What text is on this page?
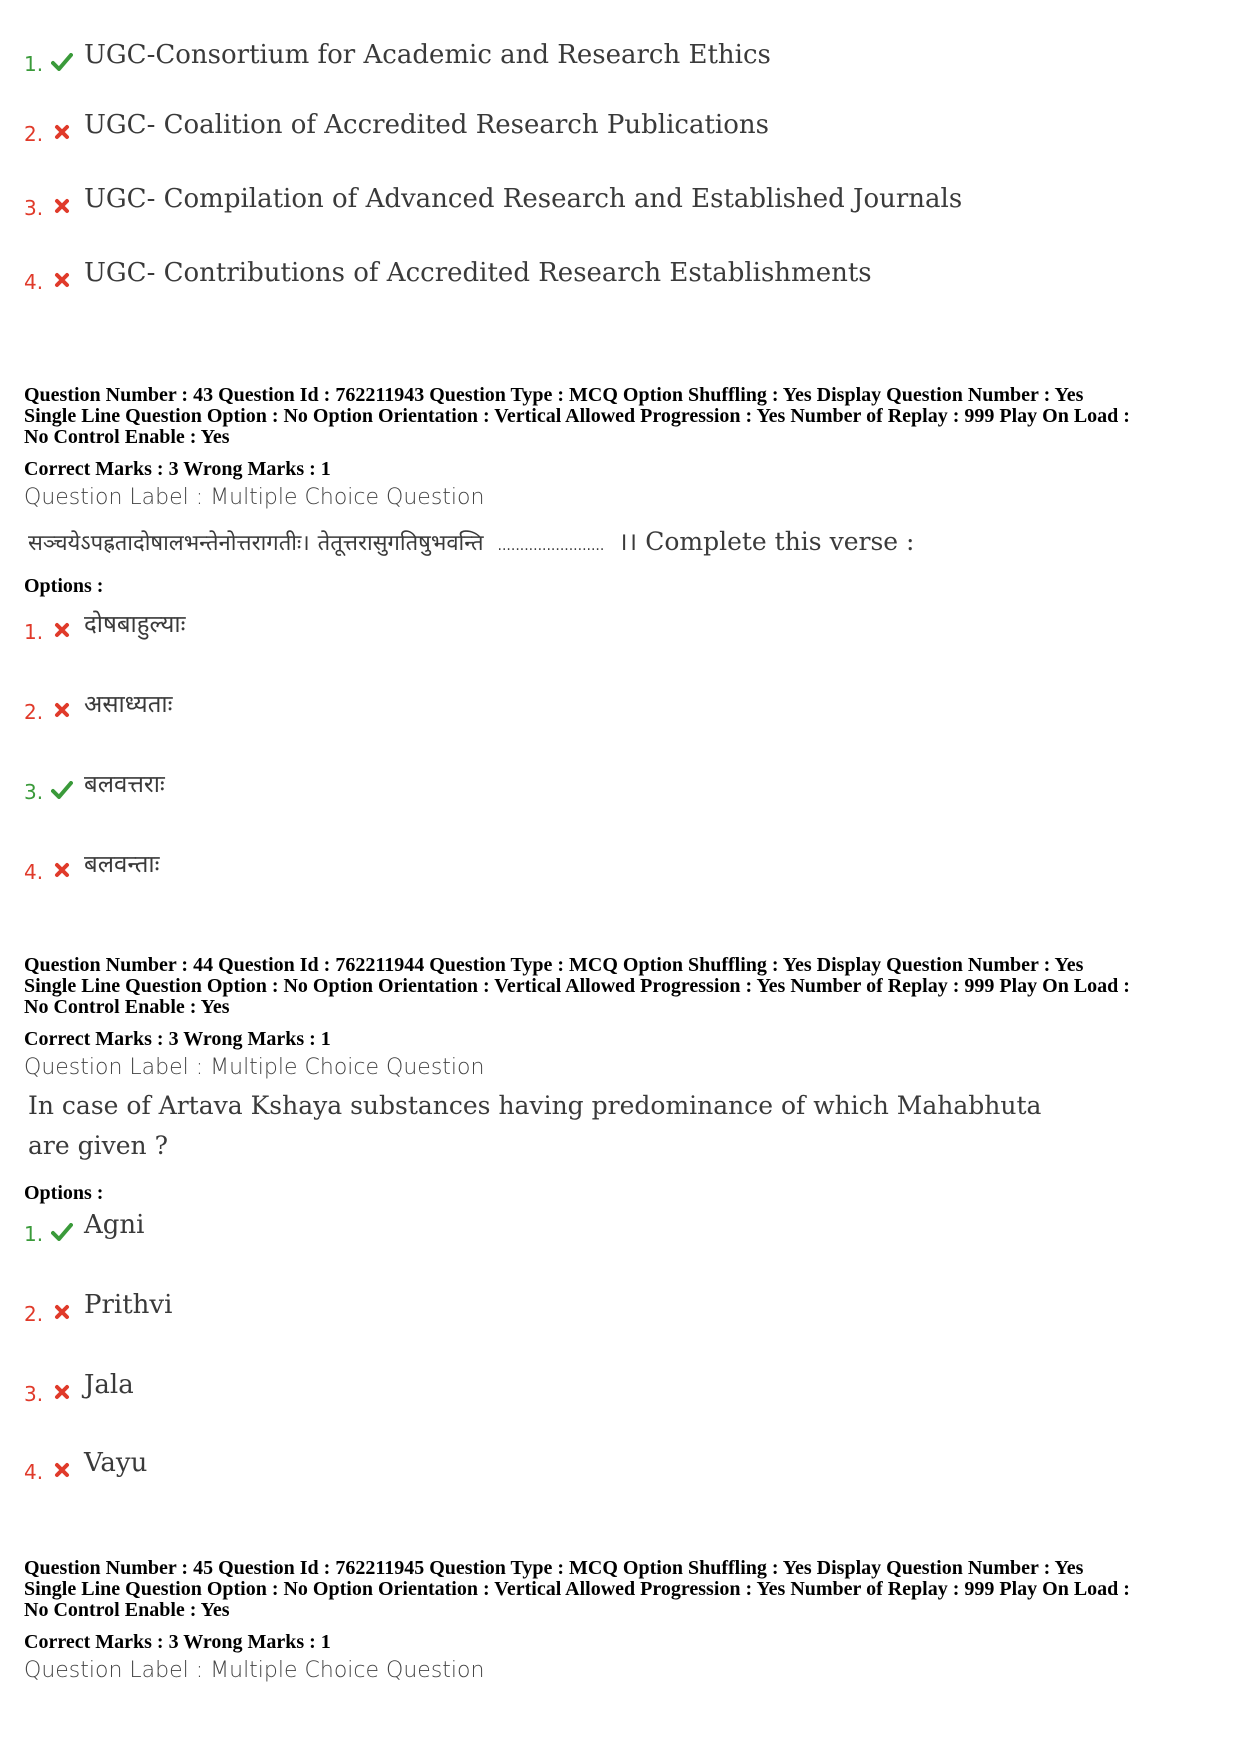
1. UGC-Consortium for Academic and Research Ethics
2. UGC- Coalition of Accredited Research Publications
3. UGC- Compilation of Advanced Research and Established Journals
4. UGC- Contributions of Accredited Research Establishments

Question Number : 43 Question Id : 762211943 Question Type : MCQ Option Shuffling : Yes Display Question Number : Yes

Single Line Question Option : No Option Orientation : Vertical Allowed Progression : Yes Number of Replay : 999 Play On Load :

No Control Enable : Yes

Correct Marks : 3 Wrong Marks : 1
Question Label : Multiple Choice Question
सञ्चयेऽपह्रतादोषालभन्तेनोत्तरागतीः। तेतूत्तरासुगतिषुभवन्ति ........................ ।। Complete this verse :
Options :
1. दोषबाहुल्याः
2. असाध्यताः
3. बलवत्तराः
4. बलवन्ताः

Question Number : 44 Question Id : 762211944 Question Type : MCQ Option Shuffling : Yes Display Question Number : Yes

Single Line Question Option : No Option Orientation : Vertical Allowed Progression : Yes Number of Replay : 999 Play On Load :

No Control Enable : Yes

Correct Marks : 3 Wrong Marks : 1
Question Label : Multiple Choice Question
In case of Artava Kshaya substances having predominance of which Mahabhuta
are given ?
Options :
1. Agni
2. Prithvi
3. Jala
4. Vayu

Question Number : 45 Question Id : 762211945 Question Type : MCQ Option Shuffling : Yes Display Question Number : Yes

Single Line Question Option : No Option Orientation : Vertical Allowed Progression : Yes Number of Replay : 999 Play On Load :

No Control Enable : Yes

Correct Marks : 3 Wrong Marks : 1
Question Label : Multiple Choice Question
